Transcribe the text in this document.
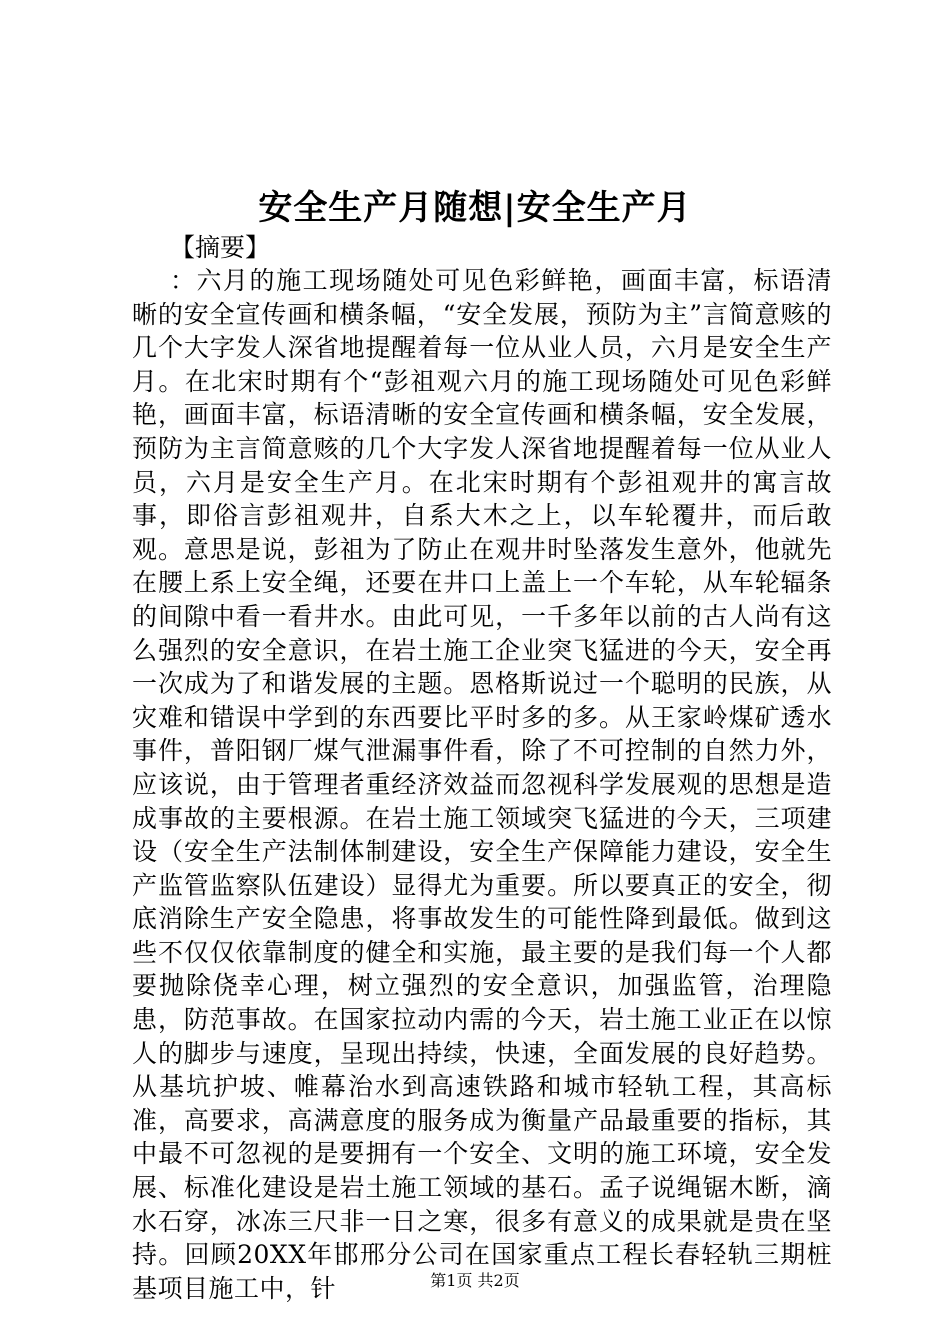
安全生产月随想|安全生产月
【摘要】
：六月的施工现场随处可见色彩鲜艳，画面丰富，标语清晰的安全宣传画和横条幅，“安全发展，预防为主”言简意赅的几个大字发人深省地提醒着每一位从业人员，六月是安全生产月。在北宋时期有个“彭祖观六月的施工现场随处可见色彩鲜艳，画面丰富，标语清晰的安全宣传画和横条幅，安全发展，预防为主言简意赅的几个大字发人深省地提醒着每一位从业人员，六月是安全生产月。在北宋时期有个彭祖观井的寓言故事，即俗言彭祖观井，自系大木之上，以车轮覆井，而后敢观。意思是说，彭祖为了防止在观井时坠落发生意外，他就先在腰上系上安全绳，还要在井口上盖上一个车轮，从车轮辐条的间隙中看一看井水。由此可见，一千多年以前的古人尚有这么强烈的安全意识，在岩土施工企业突飞猛进的今天，安全再一次成为了和谐发展的主题。恩格斯说过一个聪明的民族，从灾难和错误中学到的东西要比平时多的多。从王家岭煤矿透水事件，普阳钢厂煤气泄漏事件看，除了不可控制的自然力外，应该说，由于管理者重经济效益而忽视科学发展观的思想是造成事故的主要根源。在岩土施工领域突飞猛进的今天，三项建设（安全生产法制体制建设，安全生产保障能力建设，安全生产监管监察队伍建设）显得尤为重要。所以要真正的安全，彻底消除生产安全隐患，将事故发生的可能性降到最低。做到这些不仅仅依靠制度的健全和实施，最主要的是我们每一个人都要抛除侥幸心理，树立强烈的安全意识，加强监管，治理隐患，防范事故。在国家拉动内需的今天，岩土施工业正在以惊人的脚步与速度，呈现出持续，快速，全面发展的良好趋势。从基坑护坡、帷幕治水到高速铁路和城市轻轨工程，其高标准，高要求，高满意度的服务成为衡量产品最重要的指标，其中最不可忽视的是要拥有一个安全、文明的施工环境，安全发展、标准化建设是岩土施工领域的基石。孟子说绳锯木断，滴水石穿，冰冻三尺非一日之寒，很多有意义的成果就是贵在坚持。回顾20XX年邯邢分公司在国家重点工程长春轻轨三期桩基项目施工中，针	第1页 共2页
